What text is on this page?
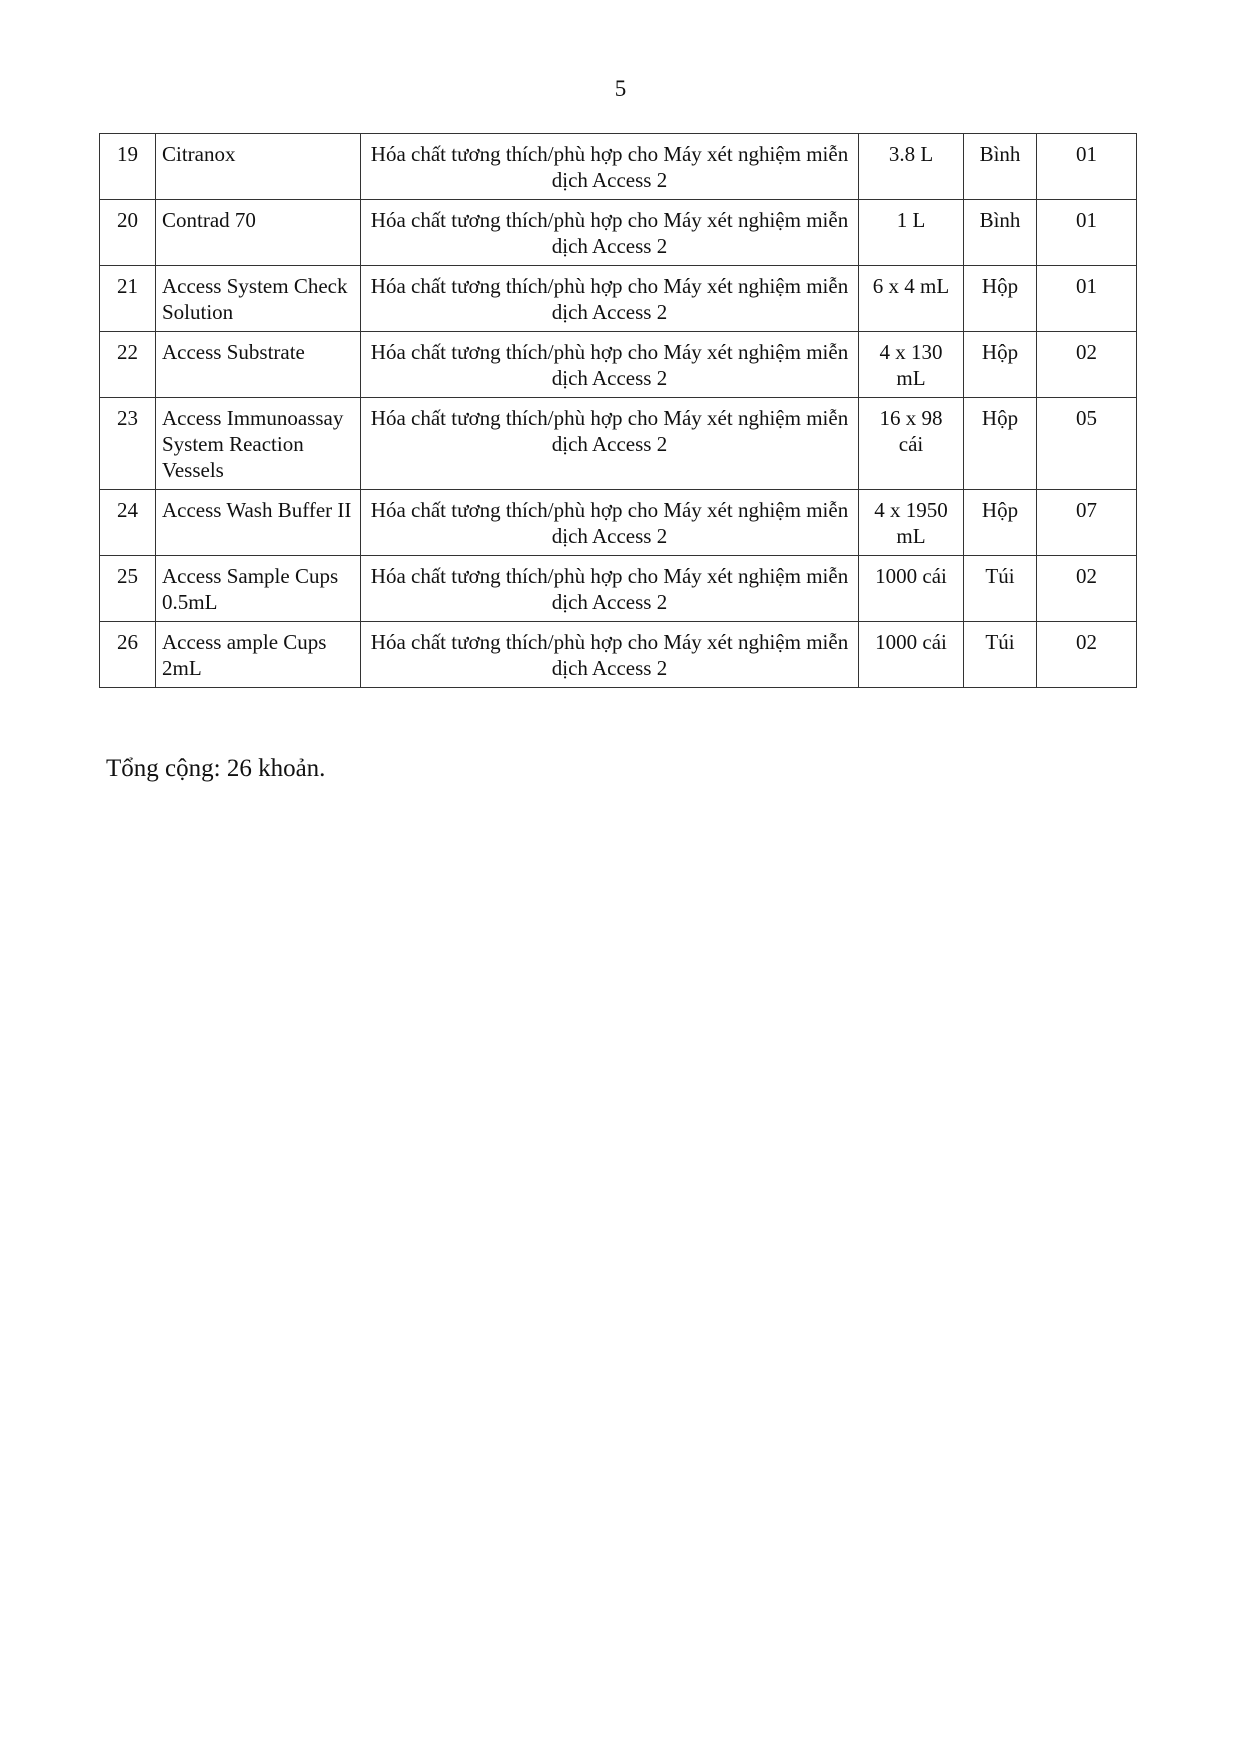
5
19	Citranox	Hóa chất tương thích/phù hợp cho Máy xét nghiệm miễn dịch Access 2	3.8 L	Bình	01
20	Contrad 70	Hóa chất tương thích/phù hợp cho Máy xét nghiệm miễn dịch Access 2	1 L	Bình	01
21	Access System Check Solution	Hóa chất tương thích/phù hợp cho Máy xét nghiệm miễn dịch Access 2	6 x 4 mL	Hộp	01
22	Access Substrate	Hóa chất tương thích/phù hợp cho Máy xét nghiệm miễn dịch Access 2	4 x 130 mL	Hộp	02
23	Access Immunoassay System Reaction Vessels	Hóa chất tương thích/phù hợp cho Máy xét nghiệm miễn dịch Access 2	16 x 98 cái	Hộp	05
24	Access Wash Buffer II	Hóa chất tương thích/phù hợp cho Máy xét nghiệm miễn dịch Access 2	4 x 1950 mL	Hộp	07
25	Access Sample Cups 0.5mL	Hóa chất tương thích/phù hợp cho Máy xét nghiệm miễn dịch Access 2	1000 cái	Túi	02
26	Access ample Cups 2mL	Hóa chất tương thích/phù hợp cho Máy xét nghiệm miễn dịch Access 2	1000 cái	Túi	02
Tổng cộng: 26 khoản.
